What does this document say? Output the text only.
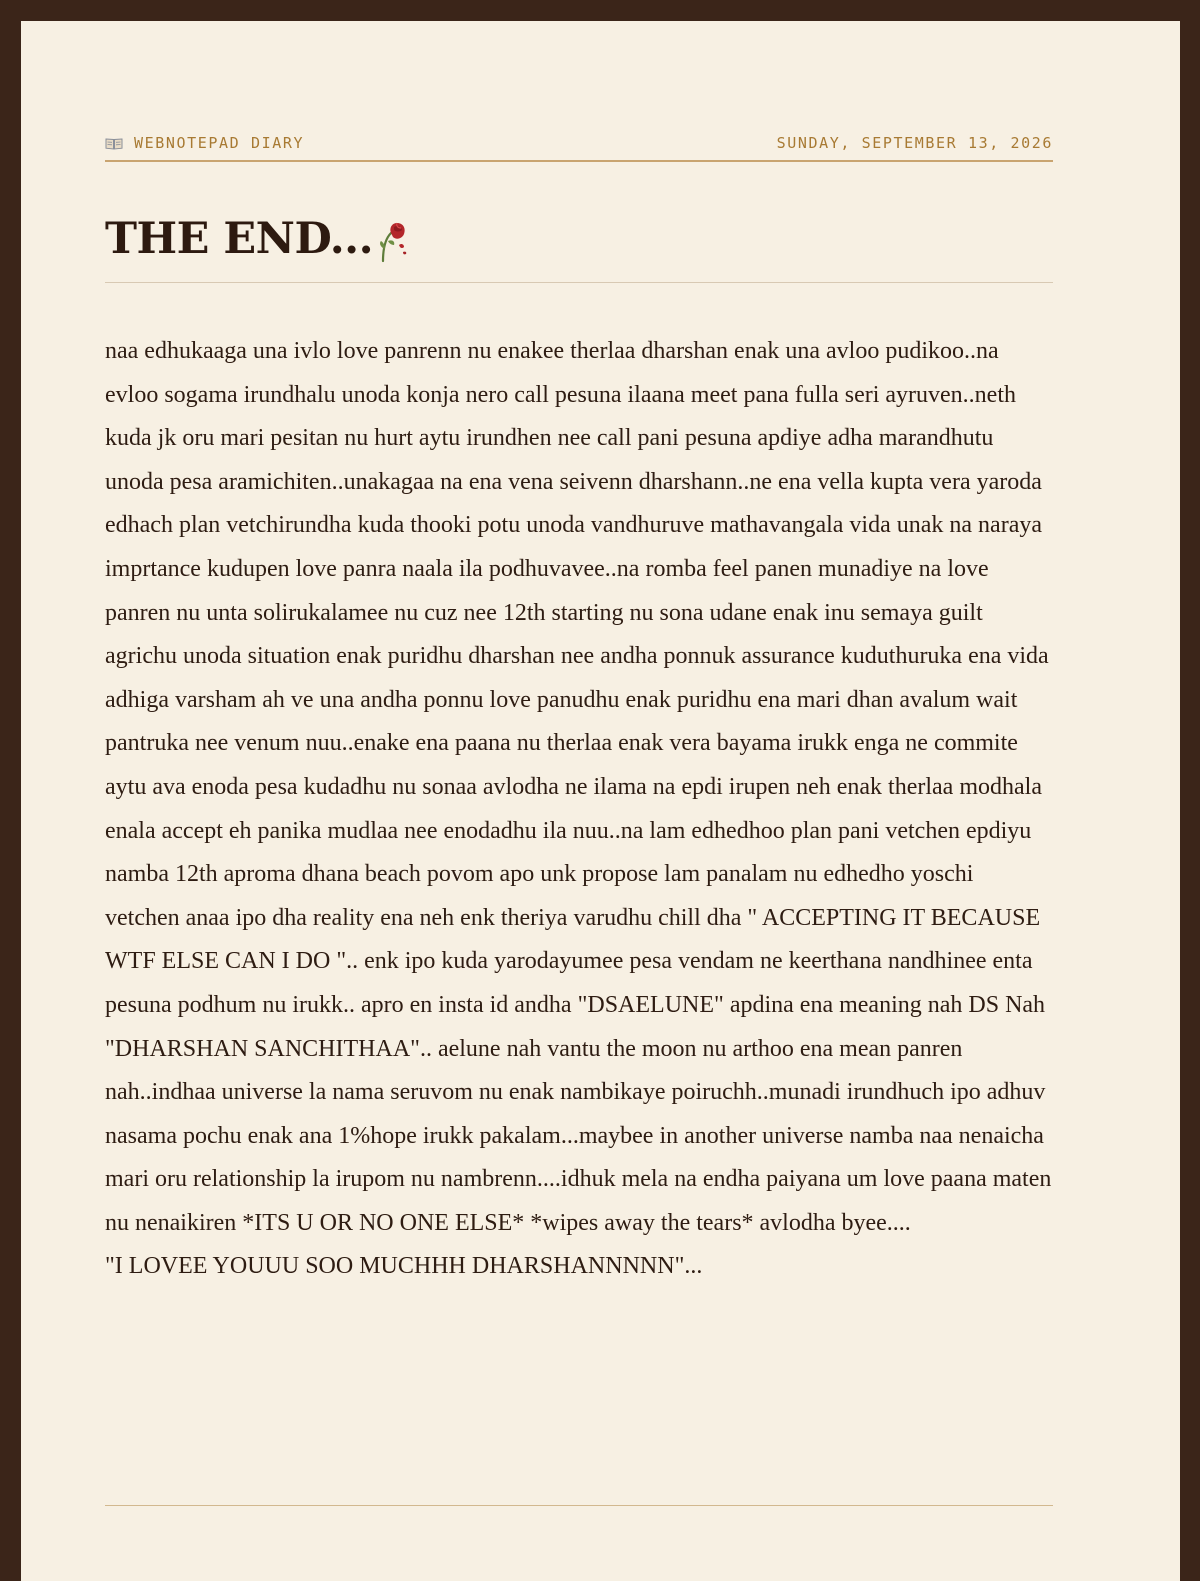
WEBNOTEPAD DIARY	SUNDAY, SEPTEMBER 13, 2026
THE END...

naa edhukaaga una ivlo love panrenn nu enakee therlaa dharshan enak una avloo pudikoo..na evloo sogama irundhalu unoda konja nero call pesuna ilaana meet pana fulla seri ayruven..neth kuda jk oru mari pesitan nu hurt aytu irundhen nee call pani pesuna apdiye adha marandhutu unoda pesa aramichiten..unakagaa na ena vena seivenn dharshann..ne ena vella kupta vera yaroda edhach plan vetchirundha kuda thooki potu unoda vandhuruve mathavangala vida unak na naraya imprtance kudupen love panra naala ila podhuvavee..na romba feel panen munadiye na love panren nu unta solirukalamee nu cuz nee 12th starting nu sona udane enak inu semaya guilt agrichu unoda situation enak puridhu dharshan nee andha ponnuk assurance kuduthuruka ena vida adhiga varsham ah ve una andha ponnu love panudhu enak puridhu ena mari dhan avalum wait pantruka nee venum nuu..enake ena paana nu therlaa enak vera bayama irukk enga ne commite aytu ava enoda pesa kudadhu nu sonaa avlodha ne ilama na epdi irupen neh enak therlaa modhala enala accept eh panika mudlaa nee enodadhu ila nuu..na lam edhedhoo plan pani vetchen epdiyu namba 12th aproma dhana beach povom apo unk propose lam panalam nu edhedho yoschi vetchen anaa ipo dha reality ena neh enk theriya varudhu chill dha " ACCEPTING IT BECAUSE WTF ELSE CAN I DO ".. enk ipo kuda yarodayumee pesa vendam ne keerthana nandhinee enta pesuna podhum nu irukk.. apro en insta id andha "DSAELUNE" apdina ena meaning nah DS Nah "DHARSHAN SANCHITHAA".. aelune nah vantu the moon nu arthoo ena mean panren nah..indhaa universe la nama seruvom nu enak nambikaye poiruchh..munadi irundhuch ipo adhuv nasama pochu enak ana 1%hope irukk pakalam...maybee in another universe namba naa nenaicha mari oru relationship la irupom nu nambrenn....idhuk mela na endha paiyana um love paana maten nu nenaikiren *ITS U OR NO ONE ELSE* *wipes away the tears* avlodha byee....
"I LOVEE YOUUU SOO MUCHHH DHARSHANNNNN"...
